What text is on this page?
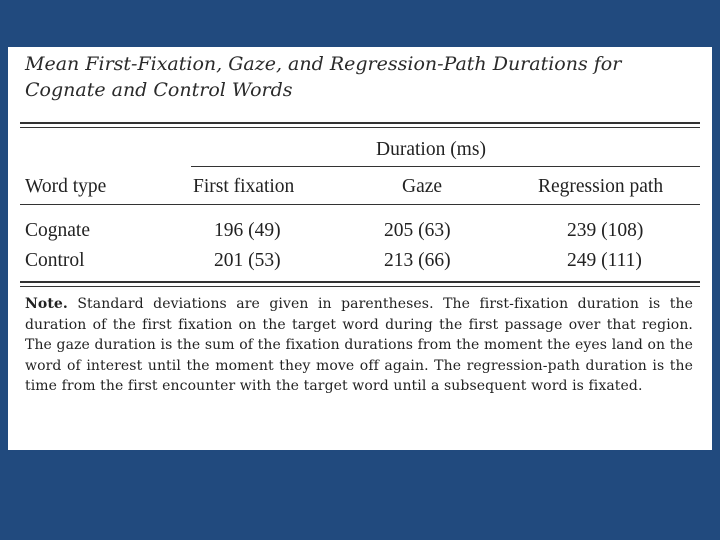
Mean First-Fixation, Gaze, and Regression-Path Durations for
Cognate and Control Words
Duration (ms)
Word type	First fixation	Gaze	Regression path
Cognate	196 (49)	205 (63)	239 (108)
Control	201 (53)	213 (66)	249 (111)
Note. Standard deviations are given in parentheses. The first-fixation duration is the duration of the first fixation on the target word during the first passage over that region. The gaze duration is the sum of the fixation durations from the moment the eyes land on the word of interest until the moment they move off again. The regression-path duration is the time from the first encounter with the target word until a subsequent word is fixated.
